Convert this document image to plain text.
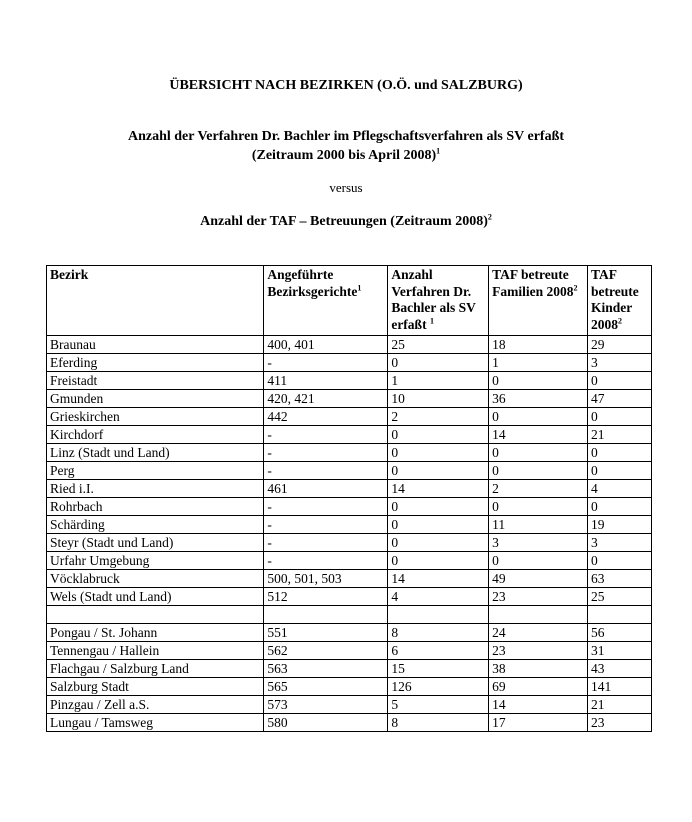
ÜBERSICHT NACH BEZIRKEN (O.Ö. und SALZBURG)
Anzahl der Verfahren Dr. Bachler im Pflegschaftsverfahren als SV erfaßt
(Zeitraum 2000 bis April 2008)$^1$
versus
Anzahl der TAF – Betreuungen (Zeitraum 2008)$^2$
Bezirk	Angeführte Bezirksgerichte$^1$	Anzahl Verfahren Dr. Bachler als SV erfaßt $^1$	TAF betreute Familien 2008$^2$	TAF betreute Kinder 2008$^2$
Braunau	400, 401	25	18	29
Eferding	-	0	1	3
Freistadt	411	1	0	0
Gmunden	420, 421	10	36	47
Grieskirchen	442	2	0	0
Kirchdorf	-	0	14	21
Linz (Stadt und Land)	-	0	0	0
Perg	-	0	0	0
Ried i.I.	461	14	2	4
Rohrbach	-	0	0	0
Schärding	-	0	11	19
Steyr (Stadt und Land)	-	0	3	3
Urfahr Umgebung	-	0	0	0
Vöcklabruck	500, 501, 503	14	49	63
Wels (Stadt und Land)	512	4	23	25

Pongau / St. Johann	551	8	24	56
Tennengau / Hallein	562	6	23	31
Flachgau / Salzburg Land	563	15	38	43
Salzburg Stadt	565	126	69	141
Pinzgau / Zell a.S.	573	5	14	21
Lungau / Tamsweg	580	8	17	23
